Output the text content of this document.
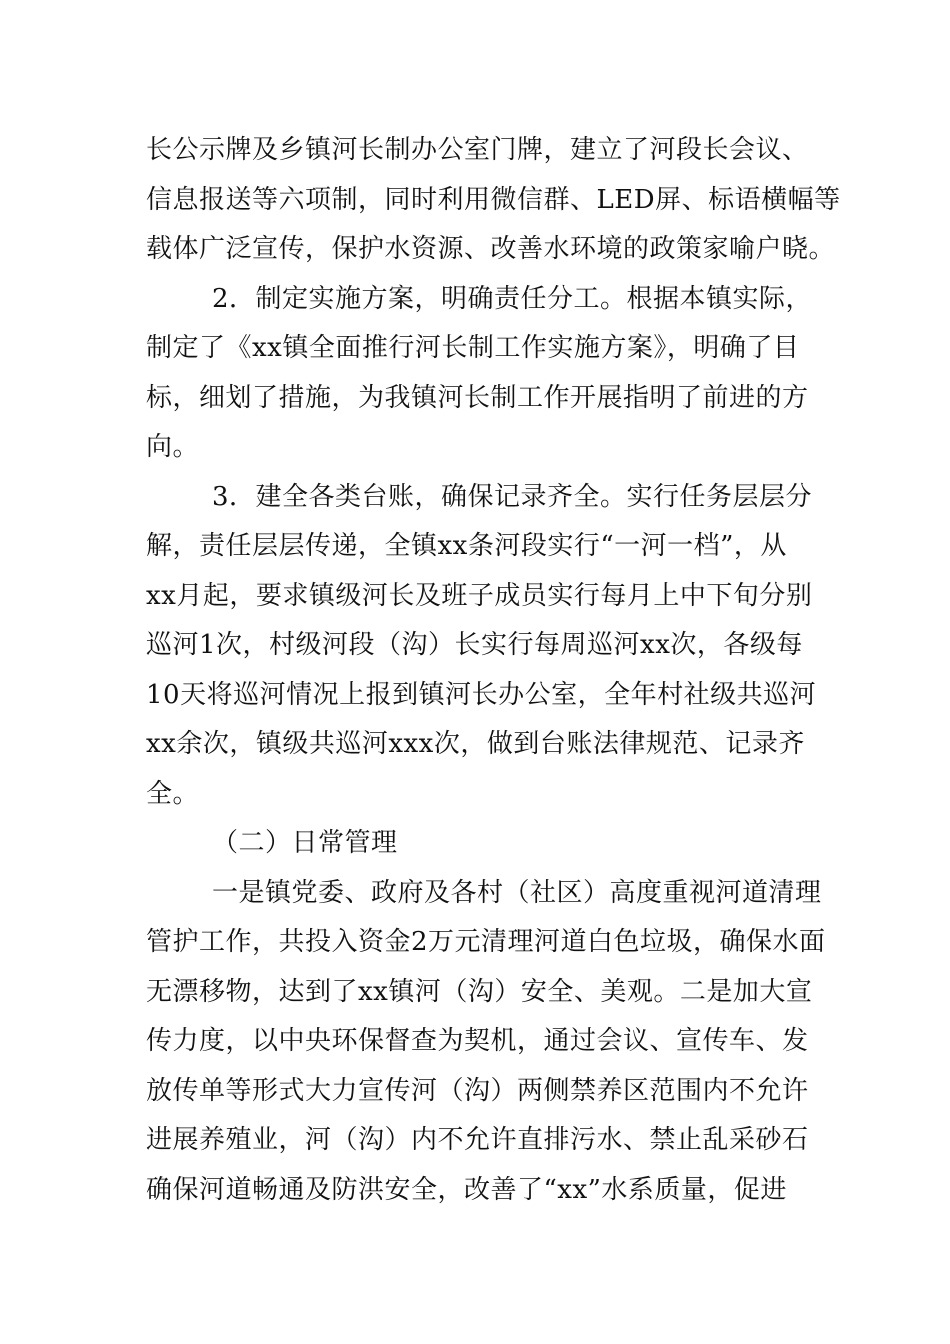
长公示牌及乡镇河长制办公室门牌，建立了河段长会议、
信息报送等六项制，同时利用微信群、LED屏、标语横幅等
载体广泛宣传，保护水资源、改善水环境的政策家喻户晓。
2．制定实施方案，明确责任分工。根据本镇实际，
制定了《xx镇全面推行河长制工作实施方案》，明确了目
标，细划了措施，为我镇河长制工作开展指明了前进的方
向。
3．建全各类台账，确保记录齐全。实行任务层层分
解，责任层层传递，全镇xx条河段实行“一河一档”，从
xx月起，要求镇级河长及班子成员实行每月上中下旬分别
巡河1次，村级河段（沟）长实行每周巡河xx次，各级每
10天将巡河情况上报到镇河长办公室，全年村社级共巡河
xx余次，镇级共巡河xxx次，做到台账法律规范、记录齐
全。
（二）日常管理
一是镇党委、政府及各村（社区）高度重视河道清理
管护工作，共投入资金2万元清理河道白色垃圾，确保水面
无漂移物，达到了xx镇河（沟）安全、美观。二是加大宣
传力度，以中央环保督查为契机，通过会议、宣传车、发
放传单等形式大力宣传河（沟）两侧禁养区范围内不允许
进展养殖业，河（沟）内不允许直排污水、禁止乱采砂石
确保河道畅通及防洪安全，改善了“xx”水系质量，促进
